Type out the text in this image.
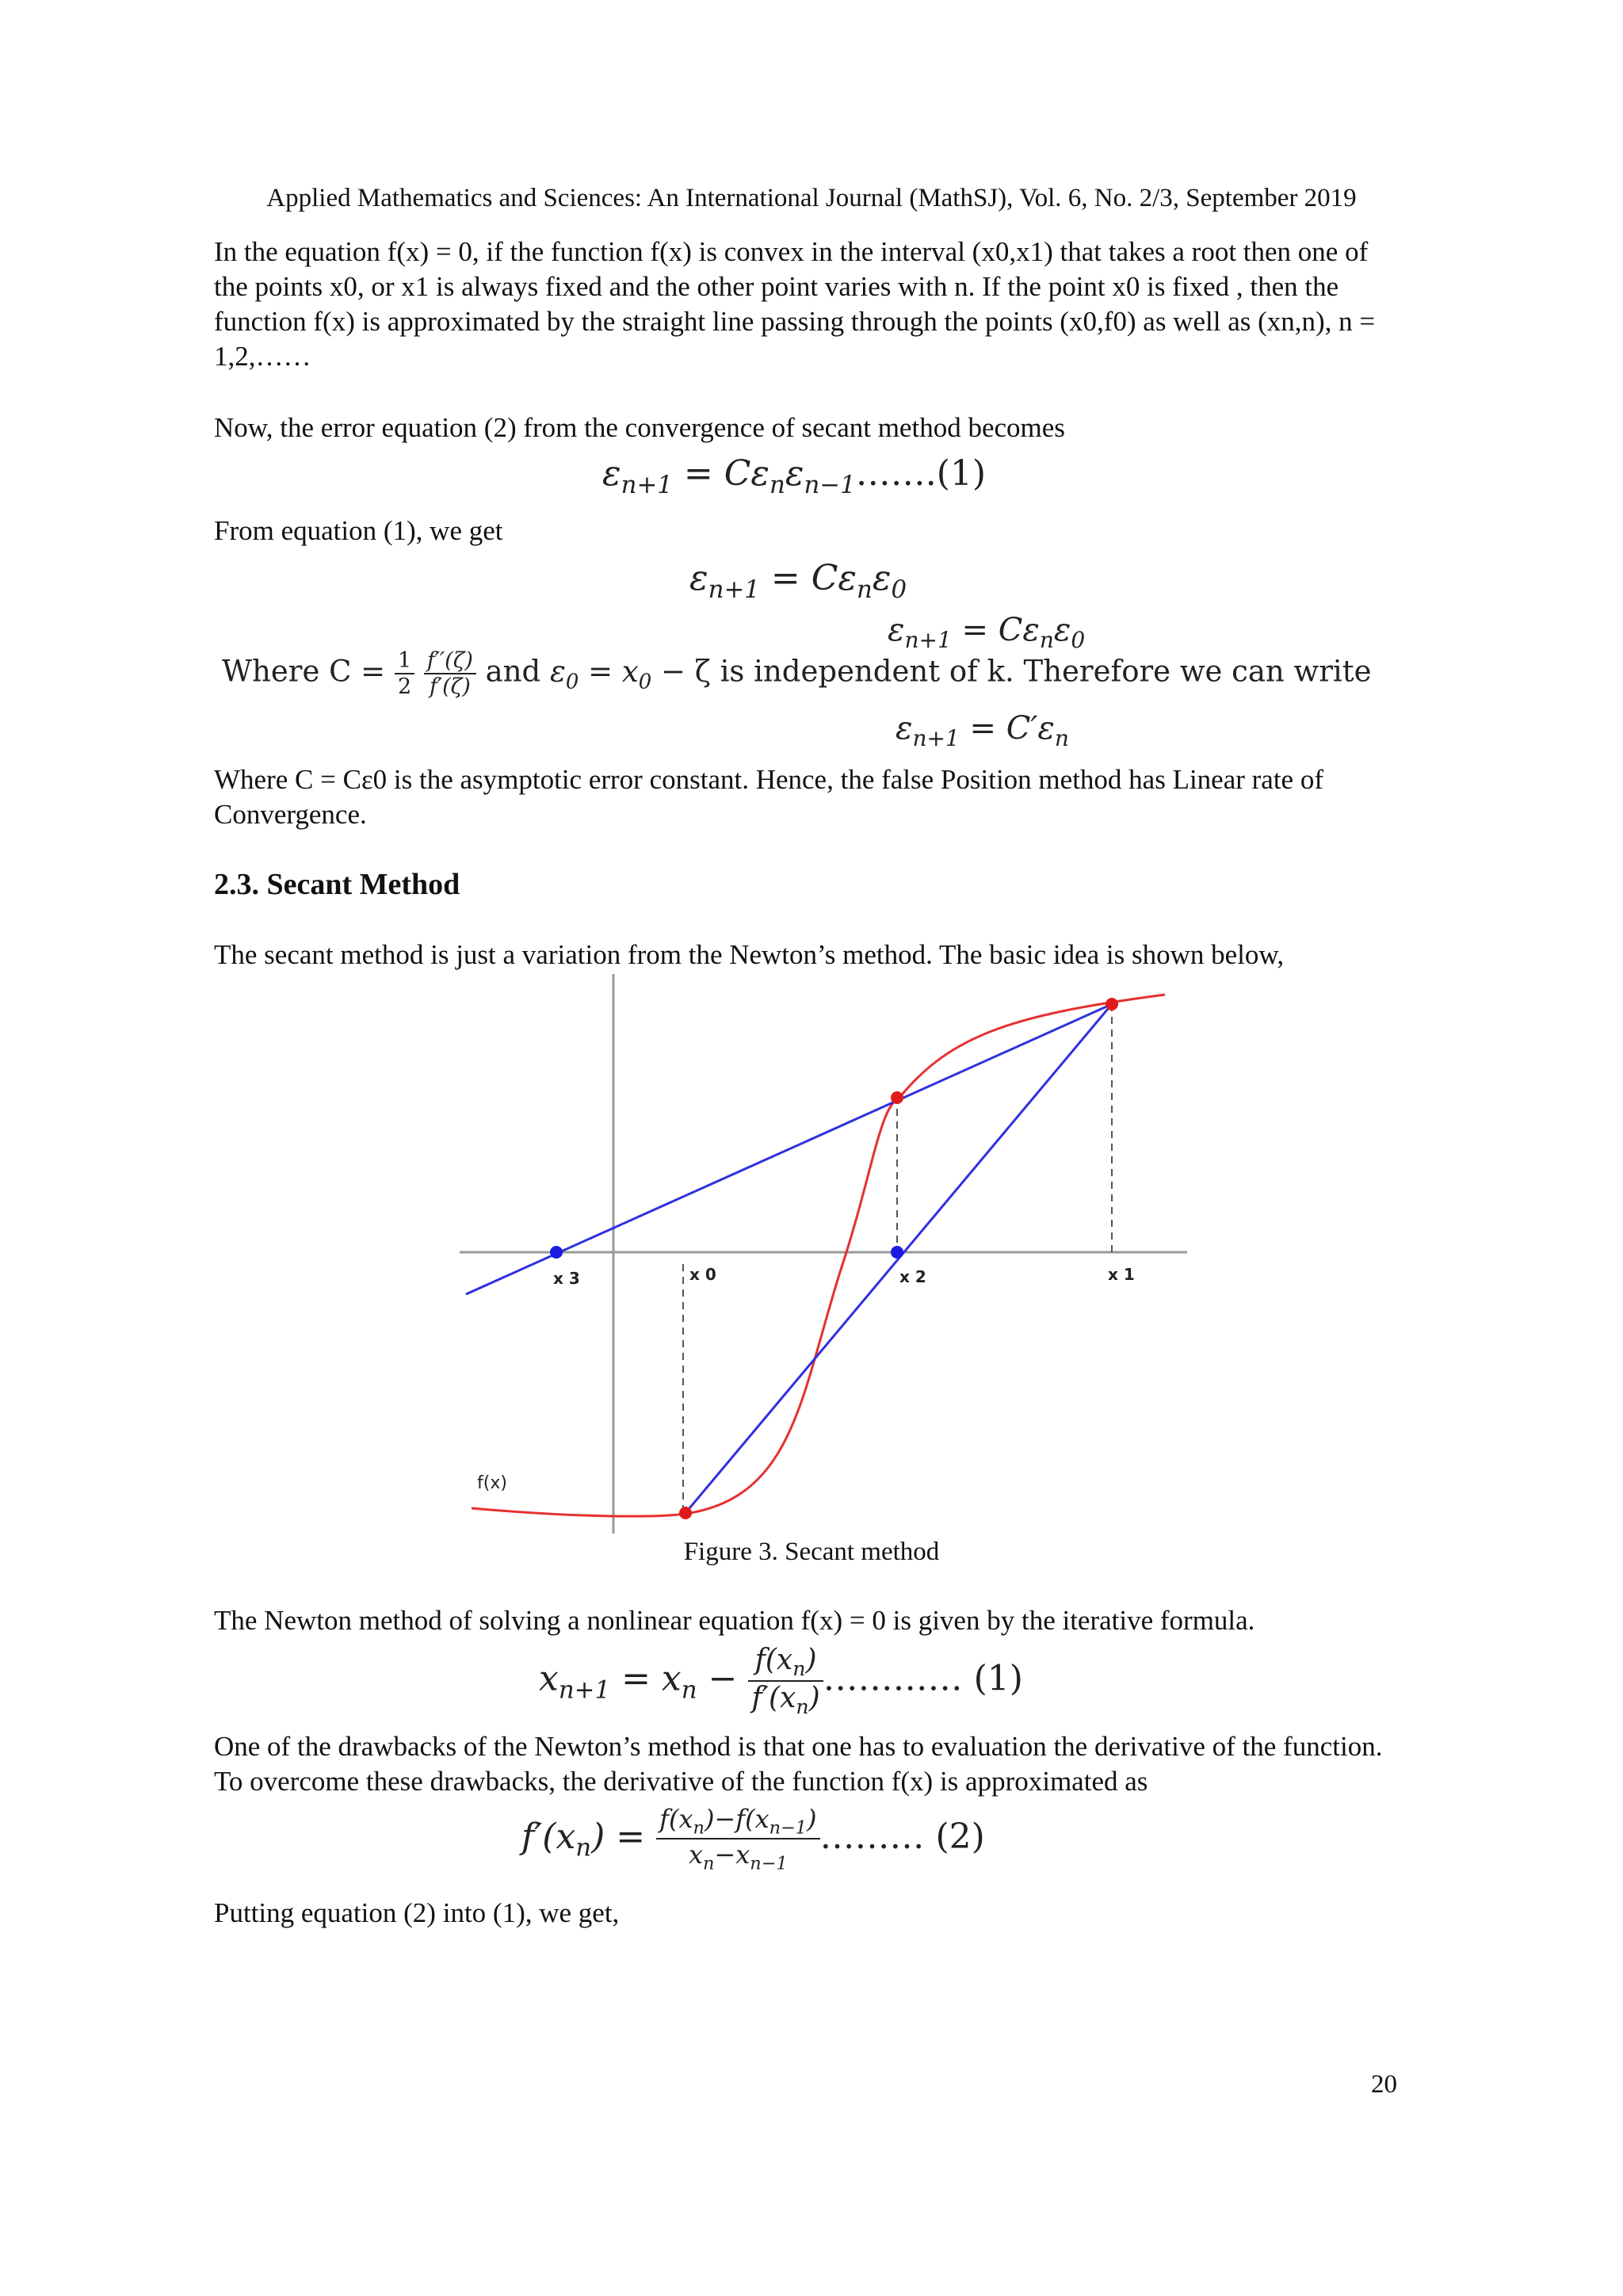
Applied Mathematics and Sciences: An International Journal (MathSJ), Vol. 6, No. 2/3, September 2019
In the equation f(x) = 0, if the function f(x) is convex in the interval (x0,x1) that takes a root then one of the points x0, or x1 is always fixed and the other point varies with n. If the point x0 is fixed , then the function f(x) is approximated by the straight line passing through the points (x0,f0) as well as (xn,n), n = 1,2,……
Now, the error equation (2) from the convergence of secant method becomes
$\varepsilon_{n+1}$ = $C\varepsilon_n\varepsilon_{n-1}\dots\dots.(1)$
From equation (1), we get
$\varepsilon_{n+1} = C\varepsilon_n\varepsilon_0$
$\varepsilon_{n+1} = C\varepsilon_n\varepsilon_0$
Where $C = \frac{1}{2}$
$\frac{f''(\zeta)}{f'(\zeta)}$ and $\varepsilon_0 = x_0 - \zeta$ is independent of k. Therefore we can write
$\varepsilon_{n+1} = C'\varepsilon_n$
Where C = Cε0 is the asymptotic error constant. Hence, the false Position method has Linear rate of Convergence.
2.3. Secant Method
The secant method is just a variation from the Newton’s method. The basic idea is shown below,
x 3	x 0	x 2	x 1
f(x)
Figure 3. Secant method
The Newton method of solving a nonlinear equation f(x) = 0 is given by the iterative formula.
$x_{n+1} = x_n - \frac{f(x_n)}{f'(x_n)}$ ………… (1)
One of the drawbacks of the Newton’s method is that one has to evaluation the derivative of the function. To overcome these drawbacks, the derivative of the function f(x) is approximated as
$f'(x_n) = \frac{f(x_n)-f(x_{n-1})}{x_n-x_{n-1}}$ ……… (2)
Putting equation (2) into (1), we get,
20
